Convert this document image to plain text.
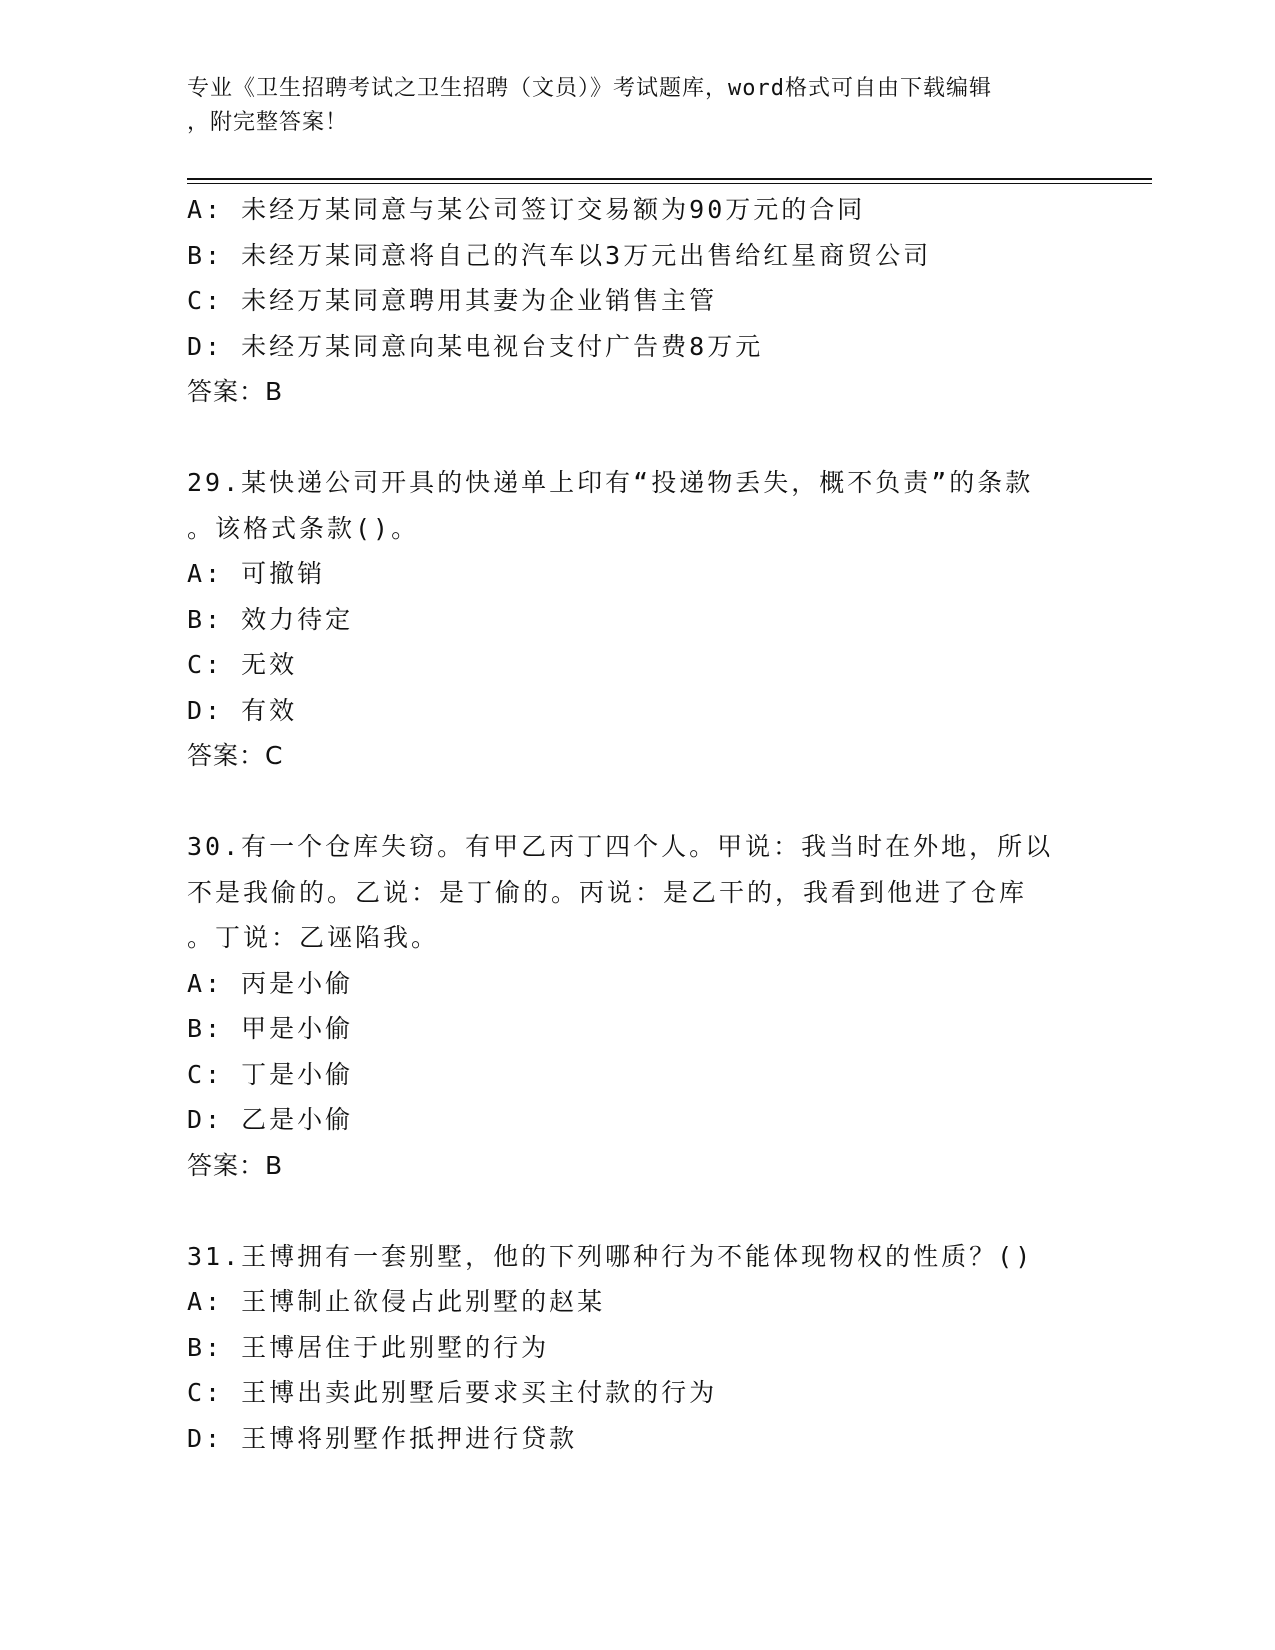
专业《卫生招聘考试之卫生招聘（文员）》考试题库，word格式可自由下载编辑
，附完整答案！
A: 未经万某同意与某公司签订交易额为90万元的合同
B: 未经万某同意将自己的汽车以3万元出售给红星商贸公司
C: 未经万某同意聘用其妻为企业销售主管
D: 未经万某同意向某电视台支付广告费8万元
答案：B
29.某快递公司开具的快递单上印有“投递物丢失，概不负责”的条款
。该格式条款()。
A: 可撤销
B: 效力待定
C: 无效
D: 有效
答案：C
30.有一个仓库失窃。有甲乙丙丁四个人。甲说：我当时在外地，所以
不是我偷的。乙说：是丁偷的。丙说：是乙干的，我看到他进了仓库
。丁说：乙诬陷我。
A: 丙是小偷
B: 甲是小偷
C: 丁是小偷
D: 乙是小偷
答案：B
31.王博拥有一套别墅，他的下列哪种行为不能体现物权的性质？()
A: 王博制止欲侵占此别墅的赵某
B: 王博居住于此别墅的行为
C: 王博出卖此别墅后要求买主付款的行为
D: 王博将别墅作抵押进行贷款
